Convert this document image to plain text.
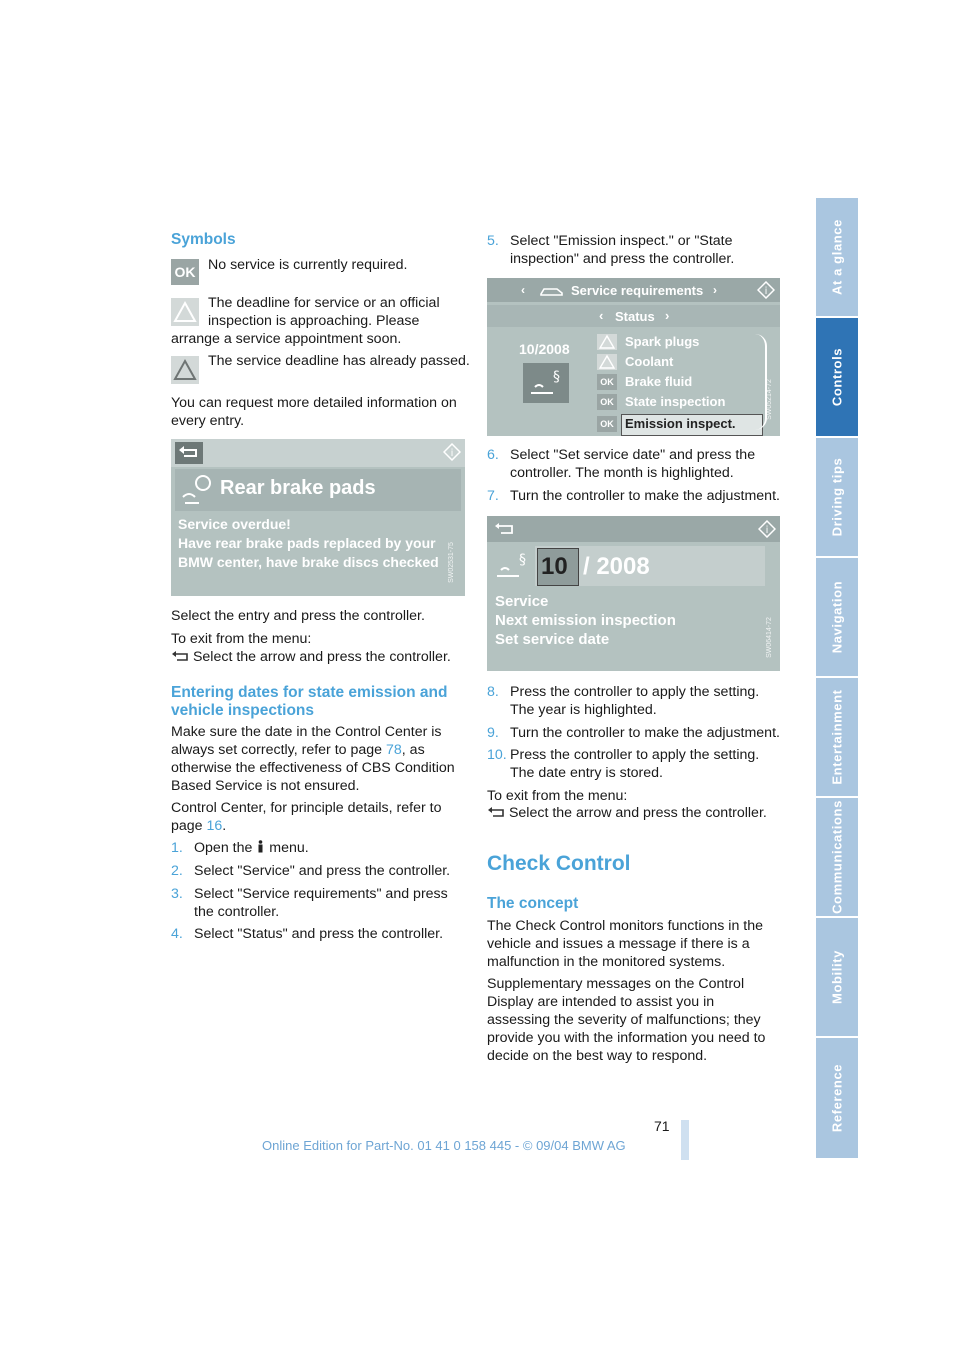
At a glance
Controls
Driving tips
Navigation
Entertainment
Communications
Mobility
Reference
Symbols
OK No service is currently required.
The deadline for service or an official
inspection is approaching. Please
arrange a service appointment soon.
The service deadline has already passed.
You can request more detailed information on every entry.
i
Rear brake pads
Service overdue!
Have rear brake pads replaced by your
BMW center, have brake discs checked SW02531-75
Select the entry and press the controller.
To exit from the menu:
Select the arrow and press the controller.
Entering dates for state emission and
vehicle inspections
Make sure the date in the Control Center is always set correctly, refer to page 78, as otherwise the effectiveness of CBS Condition Based Service is not ensured.
Control Center, for principle details, refer to page 16.
1. Open the  menu.
2. Select "Service" and press the controller.
3. Select "Service requirements" and press the controller.
4. Select "Status" and press the controller.
5. Select "Emission inspect." or "State inspection" and press the controller.
‹	Service requirements ›	i
‹ Status ›
10/2008
§
Spark plugs
Coolant
OK Brake fluid
OK State inspection
OK Emission inspect.
SW05214-72
6. Select "Set service date" and press the controller. The month is highlighted.
7. Turn the controller to make the adjustment.
i
§ 10 / 2008
Service
Next emission inspection
Set service date	SW06414-72
8. Press the controller to apply the setting. The year is highlighted.
9. Turn the controller to make the adjustment.
10. Press the controller to apply the setting. The date entry is stored.
To exit from the menu:
Select the arrow and press the controller.
Check Control
The concept
The Check Control monitors functions in the vehicle and issues a message if there is a malfunction in the monitored systems.
Supplementary messages on the Control Display are intended to assist you in assessing the severity of malfunctions; they provide you with the information you need to decide on the best way to respond.
71
Online Edition for Part-No. 01 41 0 158 445 - © 09/04 BMW AG
